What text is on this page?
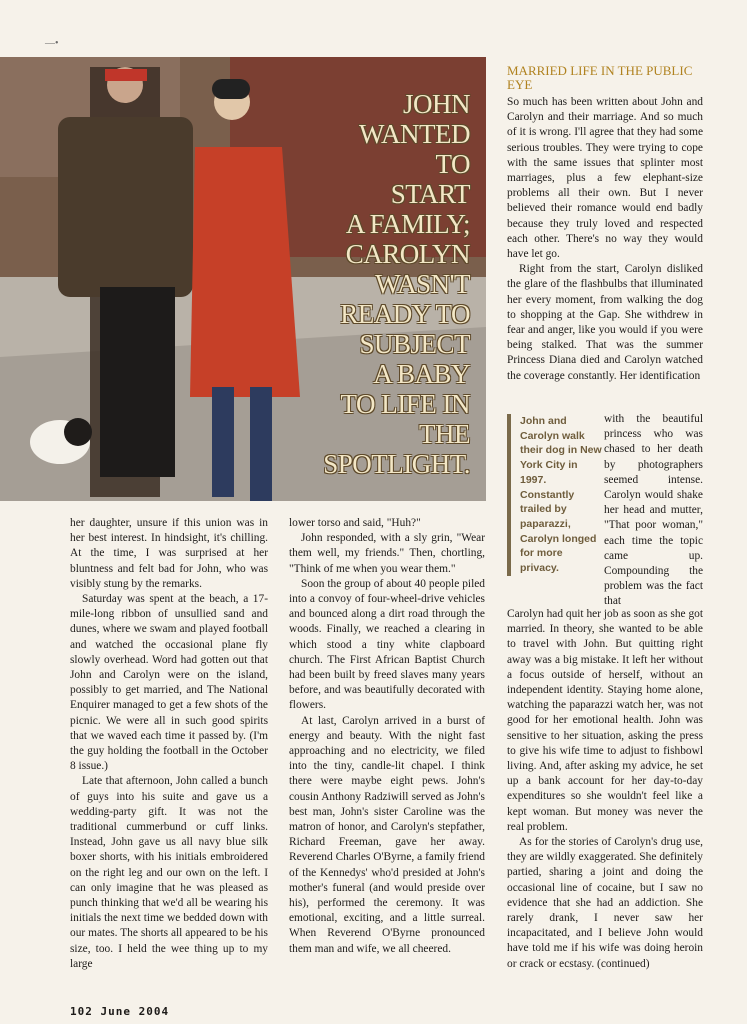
—•
JOHN
WANTED
TO
START
A FAMILY;
CAROLYN
WASN'T
READY TO
SUBJECT
A BABY
TO LIFE IN
THE
SPOTLIGHT.

her daughter, unsure if this union was in her best interest. In hindsight, it's chilling. At the time, I was surprised at her bluntness and felt bad for John, who was visibly stung by the remarks.

Saturday was spent at the beach, a 17-mile-long ribbon of unsullied sand and dunes, where we swam and played football and watched the occasional plane fly slowly overhead. Word had gotten out that John and Carolyn were on the island, possibly to get married, and The National Enquirer managed to get a few shots of the picnic. We were all in such good spirits that we waved each time it passed by. (I'm the guy holding the football in the October 8 issue.)

Late that afternoon, John called a bunch of guys into his suite and gave us a wedding-party gift. It was not the traditional cummerbund or cuff links. Instead, John gave us all navy blue silk boxer shorts, with his initials embroidered on the right leg and our own on the left. I can only imagine that he was pleased as punch thinking that we'd all be wearing his initials the next time we bedded down with our mates. The shorts all appeared to be his size, too. I held the wee thing up to my large

lower torso and said, "Huh?"

John responded, with a sly grin, "Wear them well, my friends." Then, chortling, "Think of me when you wear them."

Soon the group of about 40 people piled into a convoy of four-wheel-drive vehicles and bounced along a dirt road through the woods. Finally, we reached a clearing in which stood a tiny white clapboard church. The First African Baptist Church had been built by freed slaves many years before, and was beautifully decorated with flowers.

At last, Carolyn arrived in a burst of energy and beauty. With the night fast approaching and no electricity, we filed into the tiny, candle-lit chapel. I think there were maybe eight pews. John's cousin Anthony Radziwill served as John's best man, John's sister Caroline was the matron of honor, and Carolyn's stepfather, Richard Freeman, gave her away. Reverend Charles O'Byrne, a family friend of the Kennedys' who'd presided at John's mother's funeral (and would preside over his), performed the ceremony. It was emotional, exciting, and a little surreal. When Reverend O'Byrne pronounced them man and wife, we all cheered.

MARRIED LIFE IN THE PUBLIC EYE

So much has been written about John and Carolyn and their marriage. And so much of it is wrong. I'll agree that they had some serious troubles. They were trying to cope with the same issues that splinter most marriages, plus a few elephant-size problems all their own. But I never believed their romance would end badly because they truly loved and respected each other. There's no way they would have let go.

Right from the start, Carolyn disliked the glare of the flashbulbs that illuminated her every moment, from walking the dog to shopping at the Gap. She withdrew in fear and anger, like you would if you were being stalked. That was the summer Princess Diana died and Carolyn watched the coverage constantly. Her identification

John and Carolyn walk their dog in New York City in 1997. Constantly trailed by paparazzi, Carolyn longed for more privacy.
with the beautiful princess who was chased to her death by photographers seemed intense. Carolyn would shake her head and mutter, "That poor woman," each time the topic came up. Compounding the problem was the fact that

Carolyn had quit her job as soon as she got married. In theory, she wanted to be able to travel with John. But quitting right away was a big mistake. It left her without a focus outside of herself, without an independent identity. Staying home alone, watching the paparazzi watch her, was not good for her emotional health. John was sensitive to her situation, asking the press to give his wife time to adjust to fishbowl living. And, after asking my advice, he set up a bank account for her day-to-day expenditures so she wouldn't feel like a kept woman. But money was never the real problem.

As for the stories of Carolyn's drug use, they are wildly exaggerated. She definitely partied, sharing a joint and doing the occasional line of cocaine, but I saw no evidence that she had an addiction. She rarely drank, I never saw her incapacitated, and I believe John would have told me if his wife was doing heroin or crack or ecstasy. (continued)

102 June 2004
